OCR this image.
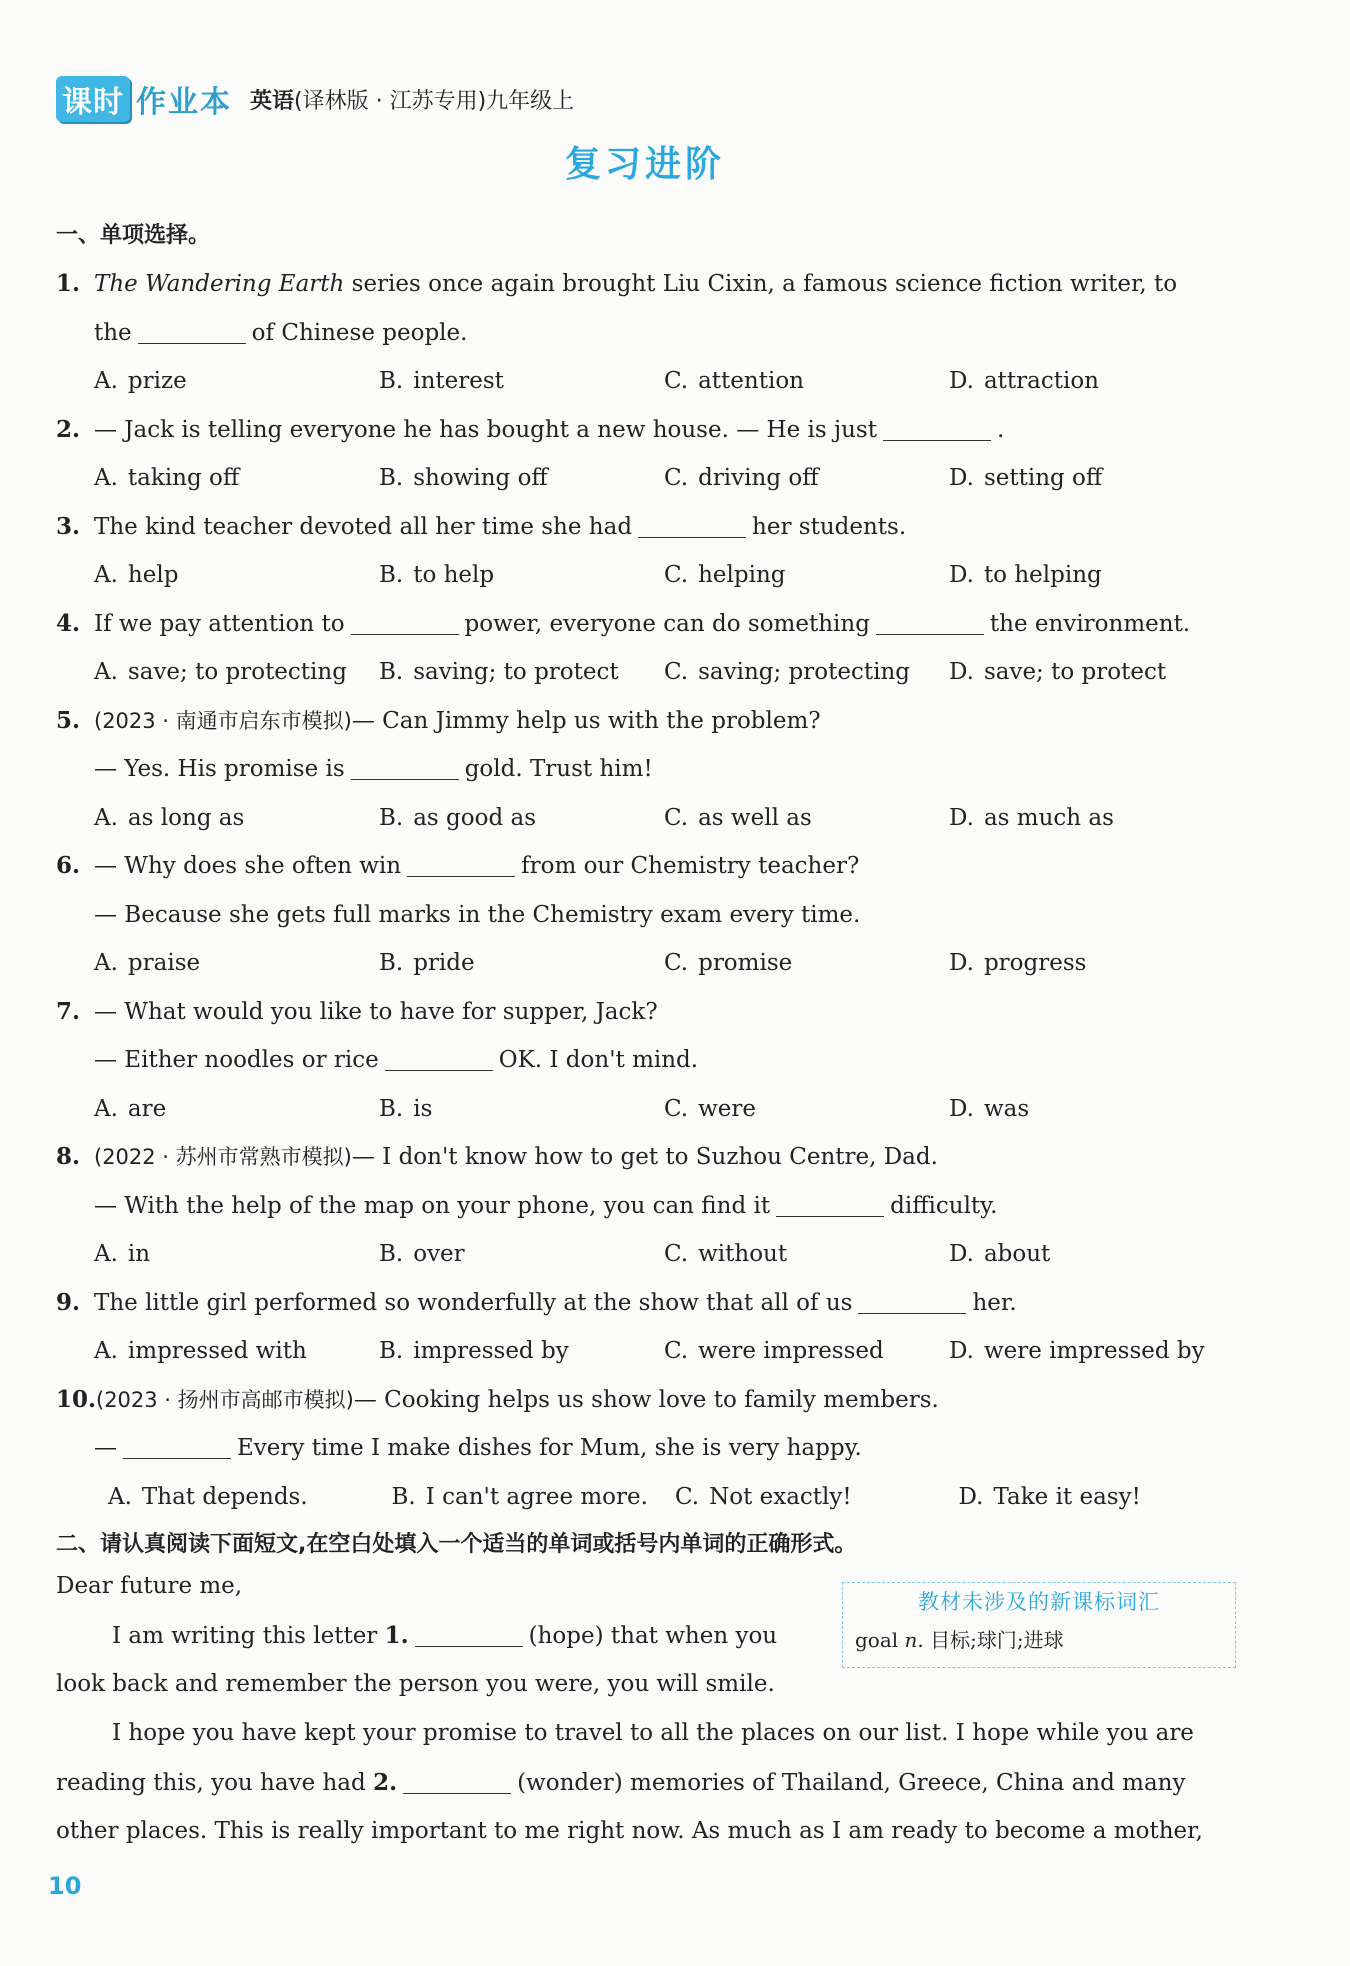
课时 作业本 英语(译林版 · 江苏专用)九年级上
复习进阶
一、单项选择。
1. The Wandering Earth series once again brought Liu Cixin, a famous science fiction writer, to
the	of Chinese people.
A. prize	B. interest	C. attention	D. attraction
2. — Jack is telling everyone he has bought a new house. — He is just	.
A. taking off	B. showing off	C. driving off	D. setting off
3. The kind teacher devoted all her time she had	her students.
A. help	B. to help	C. helping	D. to helping
4. If we pay attention to	power, everyone can do something	the environment.
A. save; to protecting	B. saving; to protect	C. saving; protecting	D. save; to protect
5. (2023 · 南通市启东市模拟)— Can Jimmy help us with the problem?
— Yes. His promise is	gold. Trust him!
A. as long as	B. as good as	C. as well as	D. as much as
6. — Why does she often win	from our Chemistry teacher?
— Because she gets full marks in the Chemistry exam every time.
A. praise	B. pride	C. promise	D. progress
7. — What would you like to have for supper, Jack?
— Either noodles or rice	OK. I don't mind.
A. are	B. is	C. were	D. was
8. (2022 · 苏州市常熟市模拟)— I don't know how to get to Suzhou Centre, Dad.
— With the help of the map on your phone, you can find it	difficulty.
A. in	B. over	C. without	D. about
9. The little girl performed so wonderfully at the show that all of us	her.
A. impressed with	B. impressed by	C. were impressed	D. were impressed by
10.(2023 · 扬州市高邮市模拟)— Cooking helps us show love to family members.
—	Every time I make dishes for Mum, she is very happy.
A. That depends.	B. I can't agree more.	C. Not exactly!	D. Take it easy!
二、请认真阅读下面短文,在空白处填入一个适当的单词或括号内单词的正确形式。
Dear future me,
I am writing this letter 1.	(hope) that when you
look back and remember the person you were, you will smile.
I hope you have kept your promise to travel to all the places on our list. I hope while you are
reading this, you have had 2.	(wonder) memories of Thailand, Greece, China and many
other places. This is really important to me right now. As much as I am ready to become a mother,
教材未涉及的新课标词汇
goal n. 目标;球门;进球
10
